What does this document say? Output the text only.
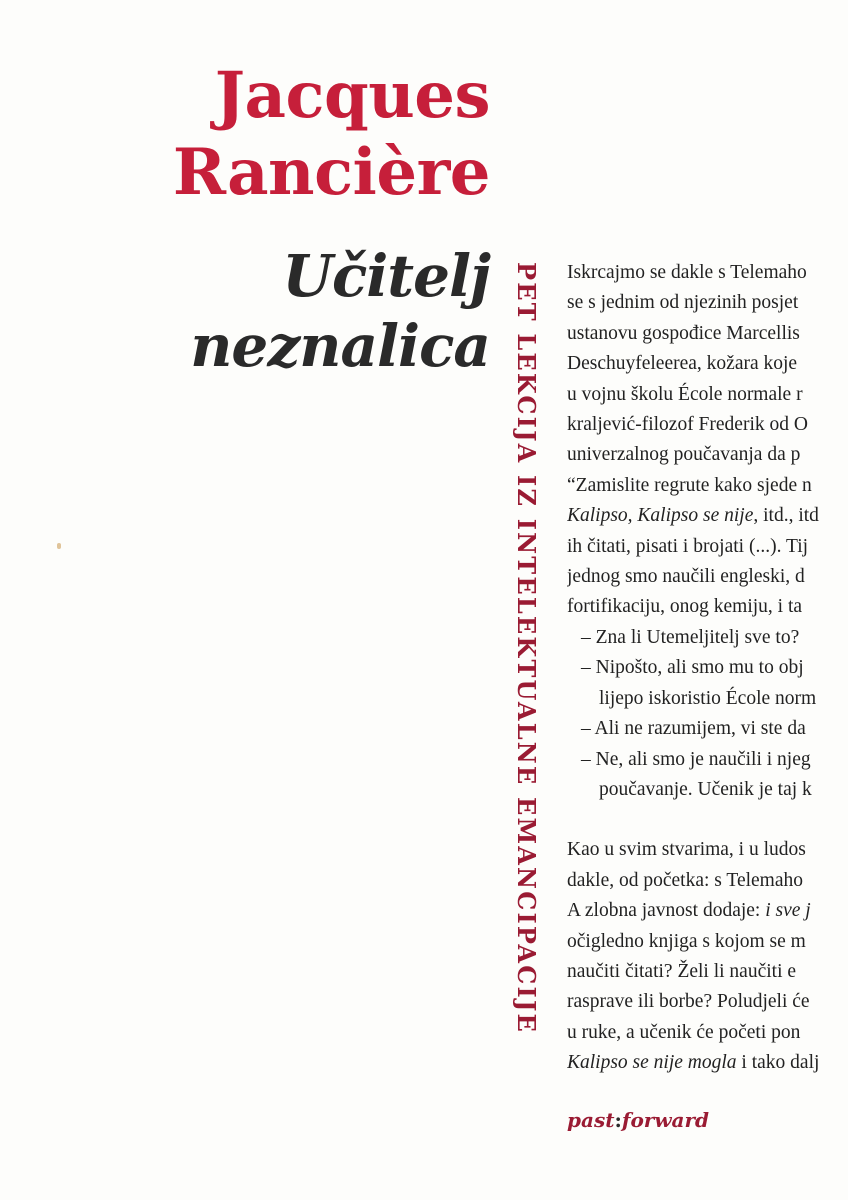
Jacques
Rancière
Učitelj
neznalica PET LEKCIJA IZ INTELEKTUALNE EMANCIPACIJE Iskrcajmo se dakle s Telemaho
se s jednim od njezinih posjet
ustanovu gospođice Marcellis
Deschuyfeleerea, kožara koje
u vojnu školu École normale r
kraljević-filozof Frederik od O
univerzalnog poučavanja da p
“Zamislite regrute kako sjede n
Kalipso, Kalipso se nije, itd., itd
ih čitati, pisati i brojati (...). Tij
jednog smo naučili engleski, d
fortifikaciju, onog kemiju, i ta
– Zna li Utemeljitelj sve to?
– Nipošto, ali smo mu to obj
lijepo iskoristio École norm
– Ali ne razumijem, vi ste da
– Ne, ali smo je naučili i njeg
poučavanje. Učenik je taj k
Kao u svim stvarima, i u ludos
dakle, od početka: s Telemaho
A zlobna javnost dodaje: i sve j
očigledno knjiga s kojom se m
naučiti čitati? Želi li naučiti e
rasprave ili borbe? Poludjeli će
u ruke, a učenik će početi pon
Kalipso se nije mogla i tako dalj
past:forward
